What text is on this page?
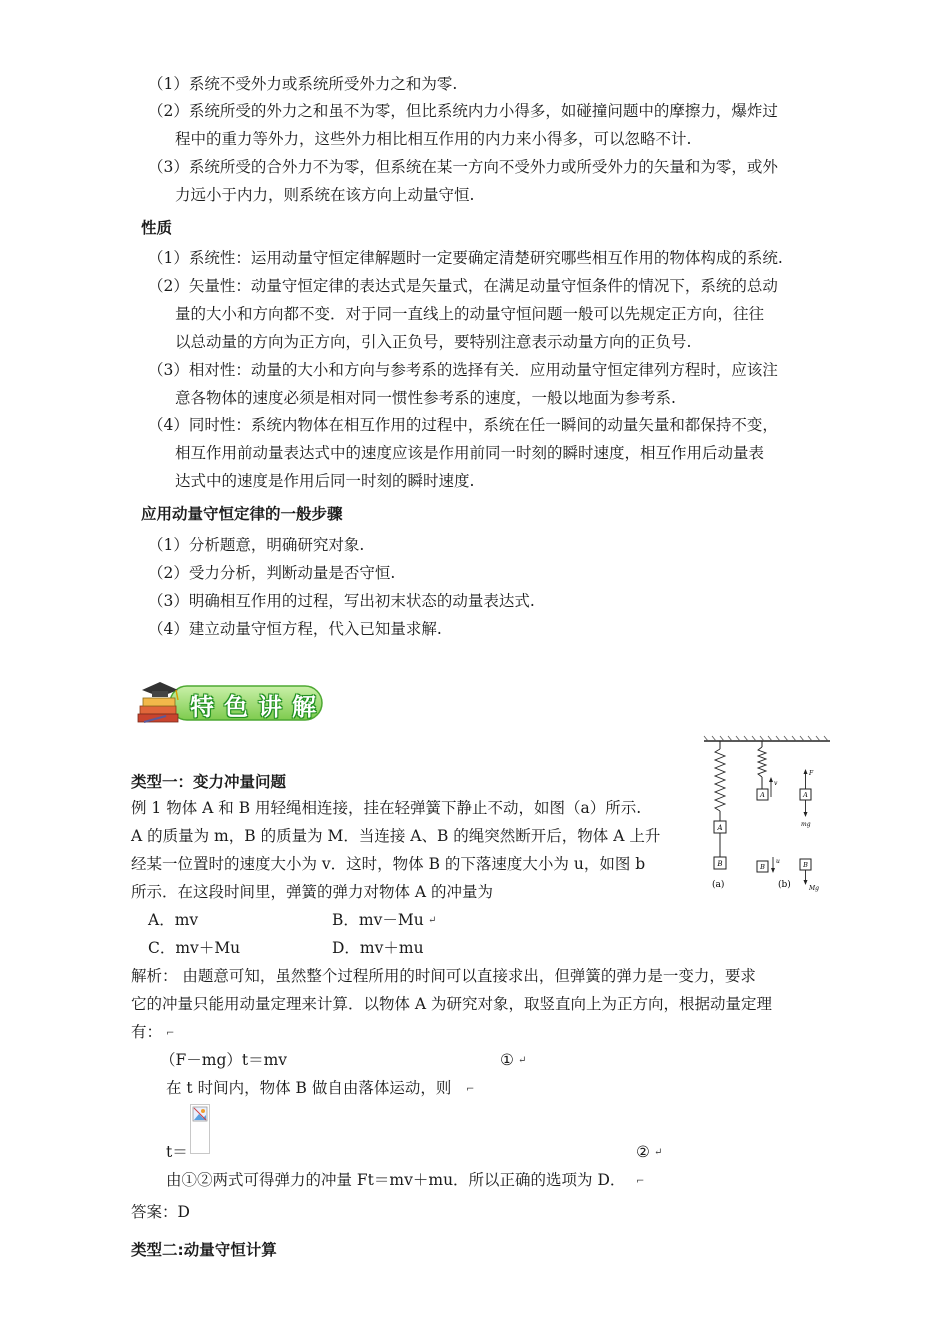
（1）系统不受外力或系统所受外力之和为零.
（2）系统所受的外力之和虽不为零，但比系统内力小得多，如碰撞问题中的摩擦力，爆炸过
程中的重力等外力，这些外力相比相互作用的内力来小得多，可以忽略不计.
（3）系统所受的合外力不为零，但系统在某一方向不受外力或所受外力的矢量和为零，或外
力远小于内力，则系统在该方向上动量守恒.
性质
（1）系统性：运用动量守恒定律解题时一定要确定清楚研究哪些相互作用的物体构成的系统.
（2）矢量性：动量守恒定律的表达式是矢量式，在满足动量守恒条件的情况下，系统的总动
量的大小和方向都不变．对于同一直线上的动量守恒问题一般可以先规定正方向，往往
以总动量的方向为正方向，引入正负号，要特别注意表示动量方向的正负号.
（3）相对性：动量的大小和方向与参考系的选择有关．应用动量守恒定律列方程时，应该注
意各物体的速度必须是相对同一惯性参考系的速度，一般以地面为参考系.
（4）同时性：系统内物体在相互作用的过程中，系统在任一瞬间的动量矢量和都保持不变，
相互作用前动量表达式中的速度应该是作用前同一时刻的瞬时速度，相互作用后动量表
达式中的速度是作用后同一时刻的瞬时速度.
应用动量守恒定律的一般步骤
（1）分析题意，明确研究对象.
（2）受力分析，判断动量是否守恒.
（3）明确相互作用的过程，写出初末状态的动量表达式.
（4）建立动量守恒方程，代入已知量求解.
特色讲解
类型一：变力冲量问题
例 1 物体 A 和 B 用轻绳相连接，挂在轻弹簧下静止不动，如图（a）所示.
A 的质量为 m，B 的质量为 M．当连接 A、B 的绳突然断开后，物体 A 上升
经某一位置时的速度大小为 v．这时，物体 B 的下落速度大小为 u，如图 b
所示．在这段时间里，弹簧的弹力对物体 A 的冲量为
A．mv	B．mv－Mu ↵
C．mv＋Mu	D．mv＋mu
A
B
(a)
A
v
A
F
mg
B
u
(b)
B
Mg
解析： 由题意可知，虽然整个过程所用的时间可以直接求出，但弹簧的弹力是一变力，要求
它的冲量只能用动量定理来计算．以物体 A 为研究对象，取竖直向上为正方向，根据动量定理
有： ⌐
（F－mg）t＝mv	① ↵
在 t 时间内，物体 B 做自由落体运动，则 ⌐
t＝	② ↵
由①②两式可得弹力的冲量 Ft＝mv＋mu．所以正确的选项为 D． ⌐
答案：D
类型二:动量守恒计算
